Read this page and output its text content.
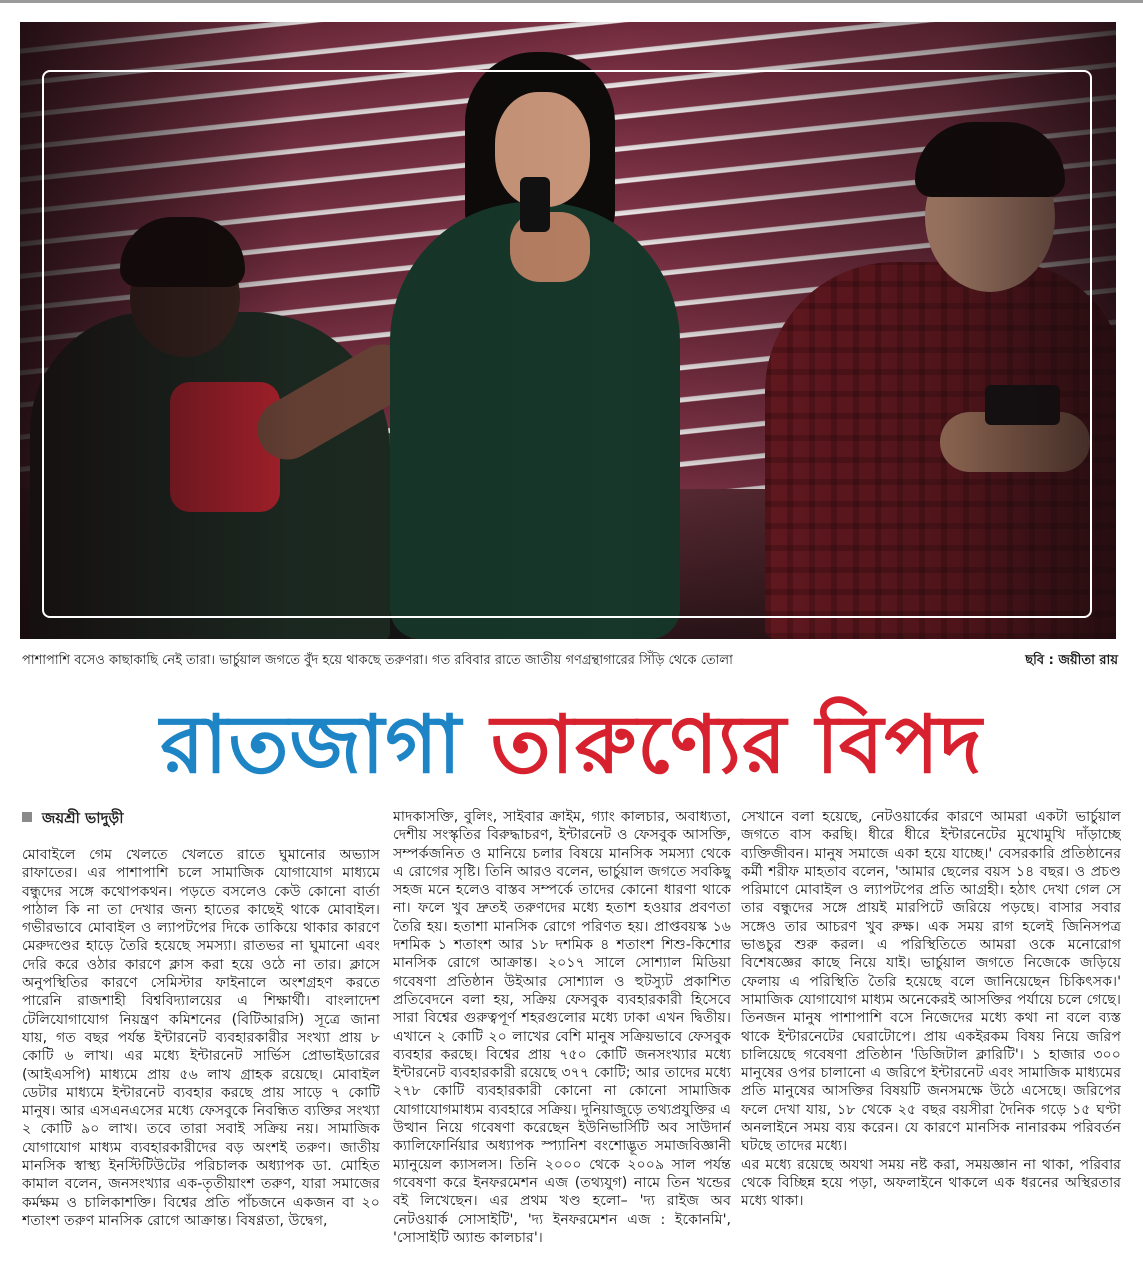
পাশাপাশি বসেও কাছাকাছি নেই তারা। ভার্চুয়াল জগতে বুঁদ হয়ে থাকছে তরুণরা। গত রবিবার রাতে জাতীয় গণগ্রন্থাগারের সিঁড়ি থেকে তোলা	ছবি : জয়ীতা রায়
রাতজাগা তারুণ্যের বিপদ
জয়শ্রী ভাদুড়ী

মোবাইলে গেম খেলতে খেলতে রাতে ঘুমানোর অভ্যাস রাফাতের। এর পাশাপাশি চলে সামাজিক যোগাযোগ মাধ্যমে বন্ধুদের সঙ্গে কথোপকথন। পড়তে বসলেও কেউ কোনো বার্তা পাঠাল কি না তা দেখার জন্য হাতের কাছেই থাকে মোবাইল। গভীরভাবে মোবাইল ও ল্যাপটপের দিকে তাকিয়ে থাকার কারণে মেরুদণ্ডের হাড়ে তৈরি হয়েছে সমস্যা। রাতভর না ঘুমানো এবং দেরি করে ওঠার কারণে ক্লাস করা হয়ে ওঠে না তার। ক্লাসে অনুপস্থিতির কারণে সেমিস্টার ফাইনালে অংশগ্রহণ করতে পারেনি রাজশাহী বিশ্ববিদ্যালয়ের এ শিক্ষার্থী। বাংলাদেশ টেলিযোগাযোগ নিয়ন্ত্রণ কমিশনের (বিটিআরসি) সূত্রে জানা যায়, গত বছর পর্যন্ত ইন্টারনেট ব্যবহারকারীর সংখ্যা প্রায় ৮ কোটি ৬ লাখ। এর মধ্যে ইন্টারনেট সার্ভিস প্রোভাইডারের (আইএসপি) মাধ্যমে প্রায় ৫৬ লাখ গ্রাহক রয়েছে। মোবাইল ডেটার মাধ্যমে ইন্টারনেট ব্যবহার করছে প্রায় সাড়ে ৭ কোটি মানুষ। আর এসএনএসের মধ্যে ফেসবুকে নিবন্ধিত ব্যক্তির সংখ্যা ২ কোটি ৯০ লাখ। তবে তারা সবাই সক্রিয় নয়। সামাজিক যোগাযোগ মাধ্যম ব্যবহারকারীদের বড় অংশই তরুণ। জাতীয় মানসিক স্বাস্থ্য ইনস্টিটিউটের পরিচালক অধ্যাপক ডা. মোহিত কামাল বলেন, জনসংখ্যার এক-তৃতীয়াংশ তরুণ, যারা সমাজের কর্মক্ষম ও চালিকাশক্তি। বিশ্বের প্রতি পাঁচজনে একজন বা ২০ শতাংশ তরুণ মানসিক রোগে আক্রান্ত। বিষণ্ণতা, উদ্বেগ,

মাদকাসক্তি, বুলিং, সাইবার ক্রাইম, গ্যাং কালচার, অবাধ্যতা, দেশীয় সংস্কৃতির বিরুদ্ধাচরণ, ইন্টারনেট ও ফেসবুক আসক্তি, সম্পর্কজনিত ও মানিয়ে চলার বিষয়ে মানসিক সমস্যা থেকে এ রোগের সৃষ্টি। তিনি আরও বলেন, ভার্চুয়াল জগতে সবকিছু সহজ মনে হলেও বাস্তব সম্পর্কে তাদের কোনো ধারণা থাকে না। ফলে খুব দ্রুতই তরুণদের মধ্যে হতাশ হওয়ার প্রবণতা তৈরি হয়। হতাশা মানসিক রোগে পরিণত হয়। প্রাপ্তবয়স্ক ১৬ দশমিক ১ শতাংশ আর ১৮ দশমিক ৪ শতাংশ শিশু-কিশোর মানসিক রোগে আক্রান্ত। ২০১৭ সালে সোশ্যাল মিডিয়া গবেষণা প্রতিষ্ঠান উইআর সোশ্যাল ও হুটস্যুট প্রকাশিত প্রতিবেদনে বলা হয়, সক্রিয় ফেসবুক ব্যবহারকারী হিসেবে সারা বিশ্বের গুরুত্বপূর্ণ শহরগুলোর মধ্যে ঢাকা এখন দ্বিতীয়। এখানে ২ কোটি ২০ লাখের বেশি মানুষ সক্রিয়ভাবে ফেসবুক ব্যবহার করছে। বিশ্বের প্রায় ৭৫০ কোটি জনসংখ্যার মধ্যে ইন্টারনেট ব্যবহারকারী রয়েছে ৩৭৭ কোটি; আর তাদের মধ্যে ২৭৮ কোটি ব্যবহারকারী কোনো না কোনো সামাজিক যোগাযোগমাধ্যম ব্যবহারে সক্রিয়। দুনিয়াজুড়ে তথ্যপ্রযুক্তির এ উত্থান নিয়ে গবেষণা করেছেন ইউনিভার্সিটি অব সাউদার্ন ক্যালিফোর্নিয়ার অধ্যাপক স্প্যানিশ বংশোদ্ভূত সমাজবিজ্ঞানী ম্যানুয়েল ক্যাসলস। তিনি ২০০০ থেকে ২০০৯ সাল পর্যন্ত গবেষণা করে ইনফরমেশন এজ (তথ্যযুগ) নামে তিন খন্ডের বই লিখেছেন। এর প্রথম খণ্ড হলো– 'দ্য রাইজ অব নেটওয়ার্ক সোসাইটি', 'দ্য ইনফরমেশন এজ : ইকোনমি', 'সোসাইটি অ্যান্ড কালচার'।

সেখানে বলা হয়েছে, নেটওয়ার্কের কারণে আমরা একটা ভার্চুয়াল জগতে বাস করছি। ধীরে ধীরে ইন্টারনেটের মুখোমুখি দাঁড়াচ্ছে ব্যক্তিজীবন। মানুষ সমাজে একা হয়ে যাচ্ছে।' বেসরকারি প্রতিষ্ঠানের কর্মী শরীফ মাহতাব বলেন, 'আমার ছেলের বয়স ১৪ বছর। ও প্রচণ্ড পরিমাণে মোবাইল ও ল্যাপটপের প্রতি আগ্রহী। হঠাৎ দেখা গেল সে তার বন্ধুদের সঙ্গে প্রায়ই মারপিটে জরিয়ে পড়ছে। বাসার সবার সঙ্গেও তার আচরণ খুব রুক্ষ। এক সময় রাগ হলেই জিনিসপত্র ভাঙচুর শুরু করল। এ পরিস্থিতিতে আমরা ওকে মনোরোগ বিশেষজ্ঞের কাছে নিয়ে যাই। ভার্চুয়াল জগতে নিজেকে জড়িয়ে ফেলায় এ পরিস্থিতি তৈরি হয়েছে বলে জানিয়েছেন চিকিৎসক।' সামাজিক যোগাযোগ মাধ্যম অনেকেরই আসক্তির পর্যায়ে চলে গেছে। তিনজন মানুষ পাশাপাশি বসে নিজেদের মধ্যে কথা না বলে ব্যস্ত থাকে ইন্টারনেটের ঘেরাটোপে। প্রায় একইরকম বিষয় নিয়ে জরিপ চালিয়েছে গবেষণা প্রতিষ্ঠান 'ডিজিটাল ক্লারিটি'। ১ হাজার ৩০০ মানুষের ওপর চালানো এ জরিপে ইন্টারনেট এবং সামাজিক মাধ্যমের প্রতি মানুষের আসক্তির বিষয়টি জনসমক্ষে উঠে এসেছে। জরিপের ফলে দেখা যায়, ১৮ থেকে ২৫ বছর বয়সীরা দৈনিক গড়ে ১৫ ঘণ্টা অনলাইনে সময় ব্যয় করেন। যে কারণে মানসিক নানারকম পরিবর্তন ঘটছে তাদের মধ্যে।

এর মধ্যে রয়েছে অযথা সময় নষ্ট করা, সময়জ্ঞান না থাকা, পরিবার থেকে বিচ্ছিন্ন হয়ে পড়া, অফলাইনে থাকলে এক ধরনের অস্থিরতার মধ্যে থাকা।
